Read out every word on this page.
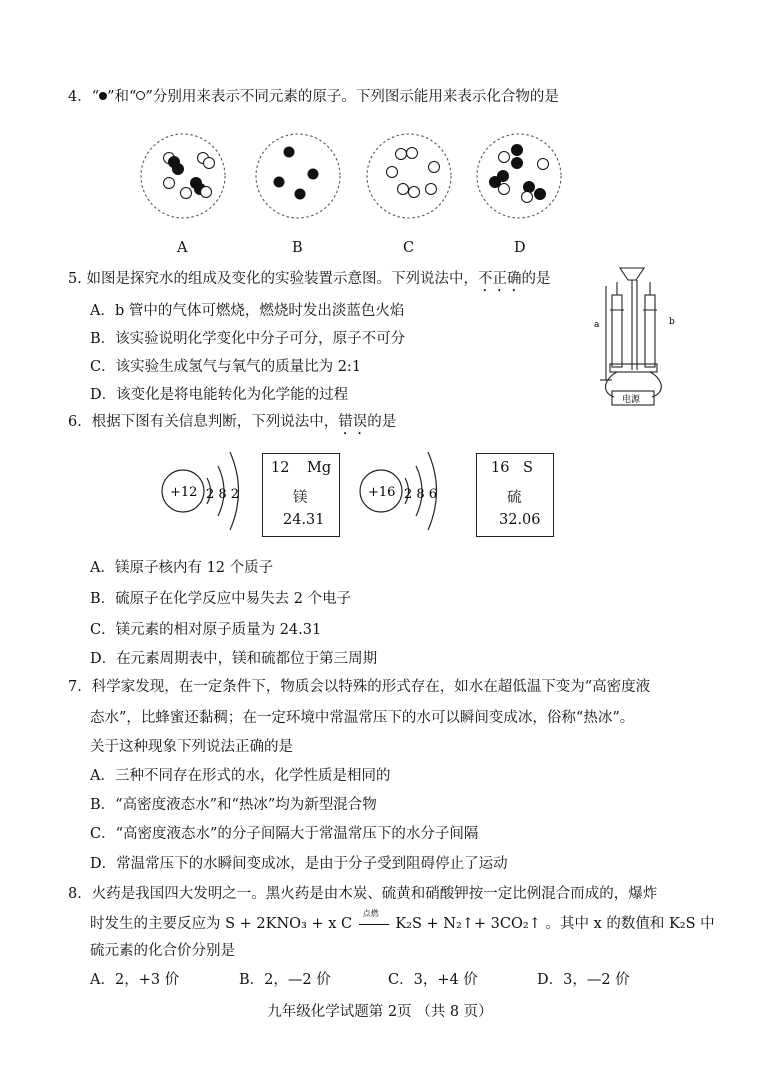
4．“ ”和“ ”分别用来表示不同元素的原子。下列图示能用来表示化合物的是
A	B	C	D
5. 如图是探究水的组成及变化的实验装置示意图。下列说法中，不正确的是
A．b 管中的气体可燃烧，燃烧时发出淡蓝色火焰
B．该实验说明化学变化中分子可分，原子不可分
C．该实验生成氢气与氧气的质量比为 2:1
D．该变化是将电能转化为化学能的过程
a	b
电源
6．根据下图有关信息判断，下列说法中，错误的是
+12 2 8 2	+16 2 8 6
12 Mg
镁
24.31
16 S
硫
32.06
A．镁原子核内有 12 个质子
B．硫原子在化学反应中易失去 2 个电子
C．镁元素的相对原子质量为 24.31
D．在元素周期表中，镁和硫都位于第三周期
7．科学家发现，在一定条件下，物质会以特殊的形式存在，如水在超低温下变为“高密度液
态水”，比蜂蜜还黏稠；在一定环境中常温常压下的水可以瞬间变成冰，俗称“热冰”。
关于这种现象下列说法正确的是
A．三种不同存在形式的水，化学性质是相同的
B．“高密度液态水”和“热冰”均为新型混合物
C．“高密度液态水”的分子间隔大于常温常压下的水分子间隔
D．常温常压下的水瞬间变成冰，是由于分子受到阻碍停止了运动
8．火药是我国四大发明之一。黑火药是由木炭、硫黄和硝酸钾按一定比例混合而成的，爆炸
时发生的主要反应为 S + 2KNO₃ + x C
点燃
K₂S + N₂↑+ 3CO₂↑ 。其中 x 的数值和 K₂S 中
硫元素的化合价分别是
A．2，+3 价	B．2，—2 价	C．3，+4 价	D．3，—2 价
九年级化学试题第 2页 （共 8 页）
